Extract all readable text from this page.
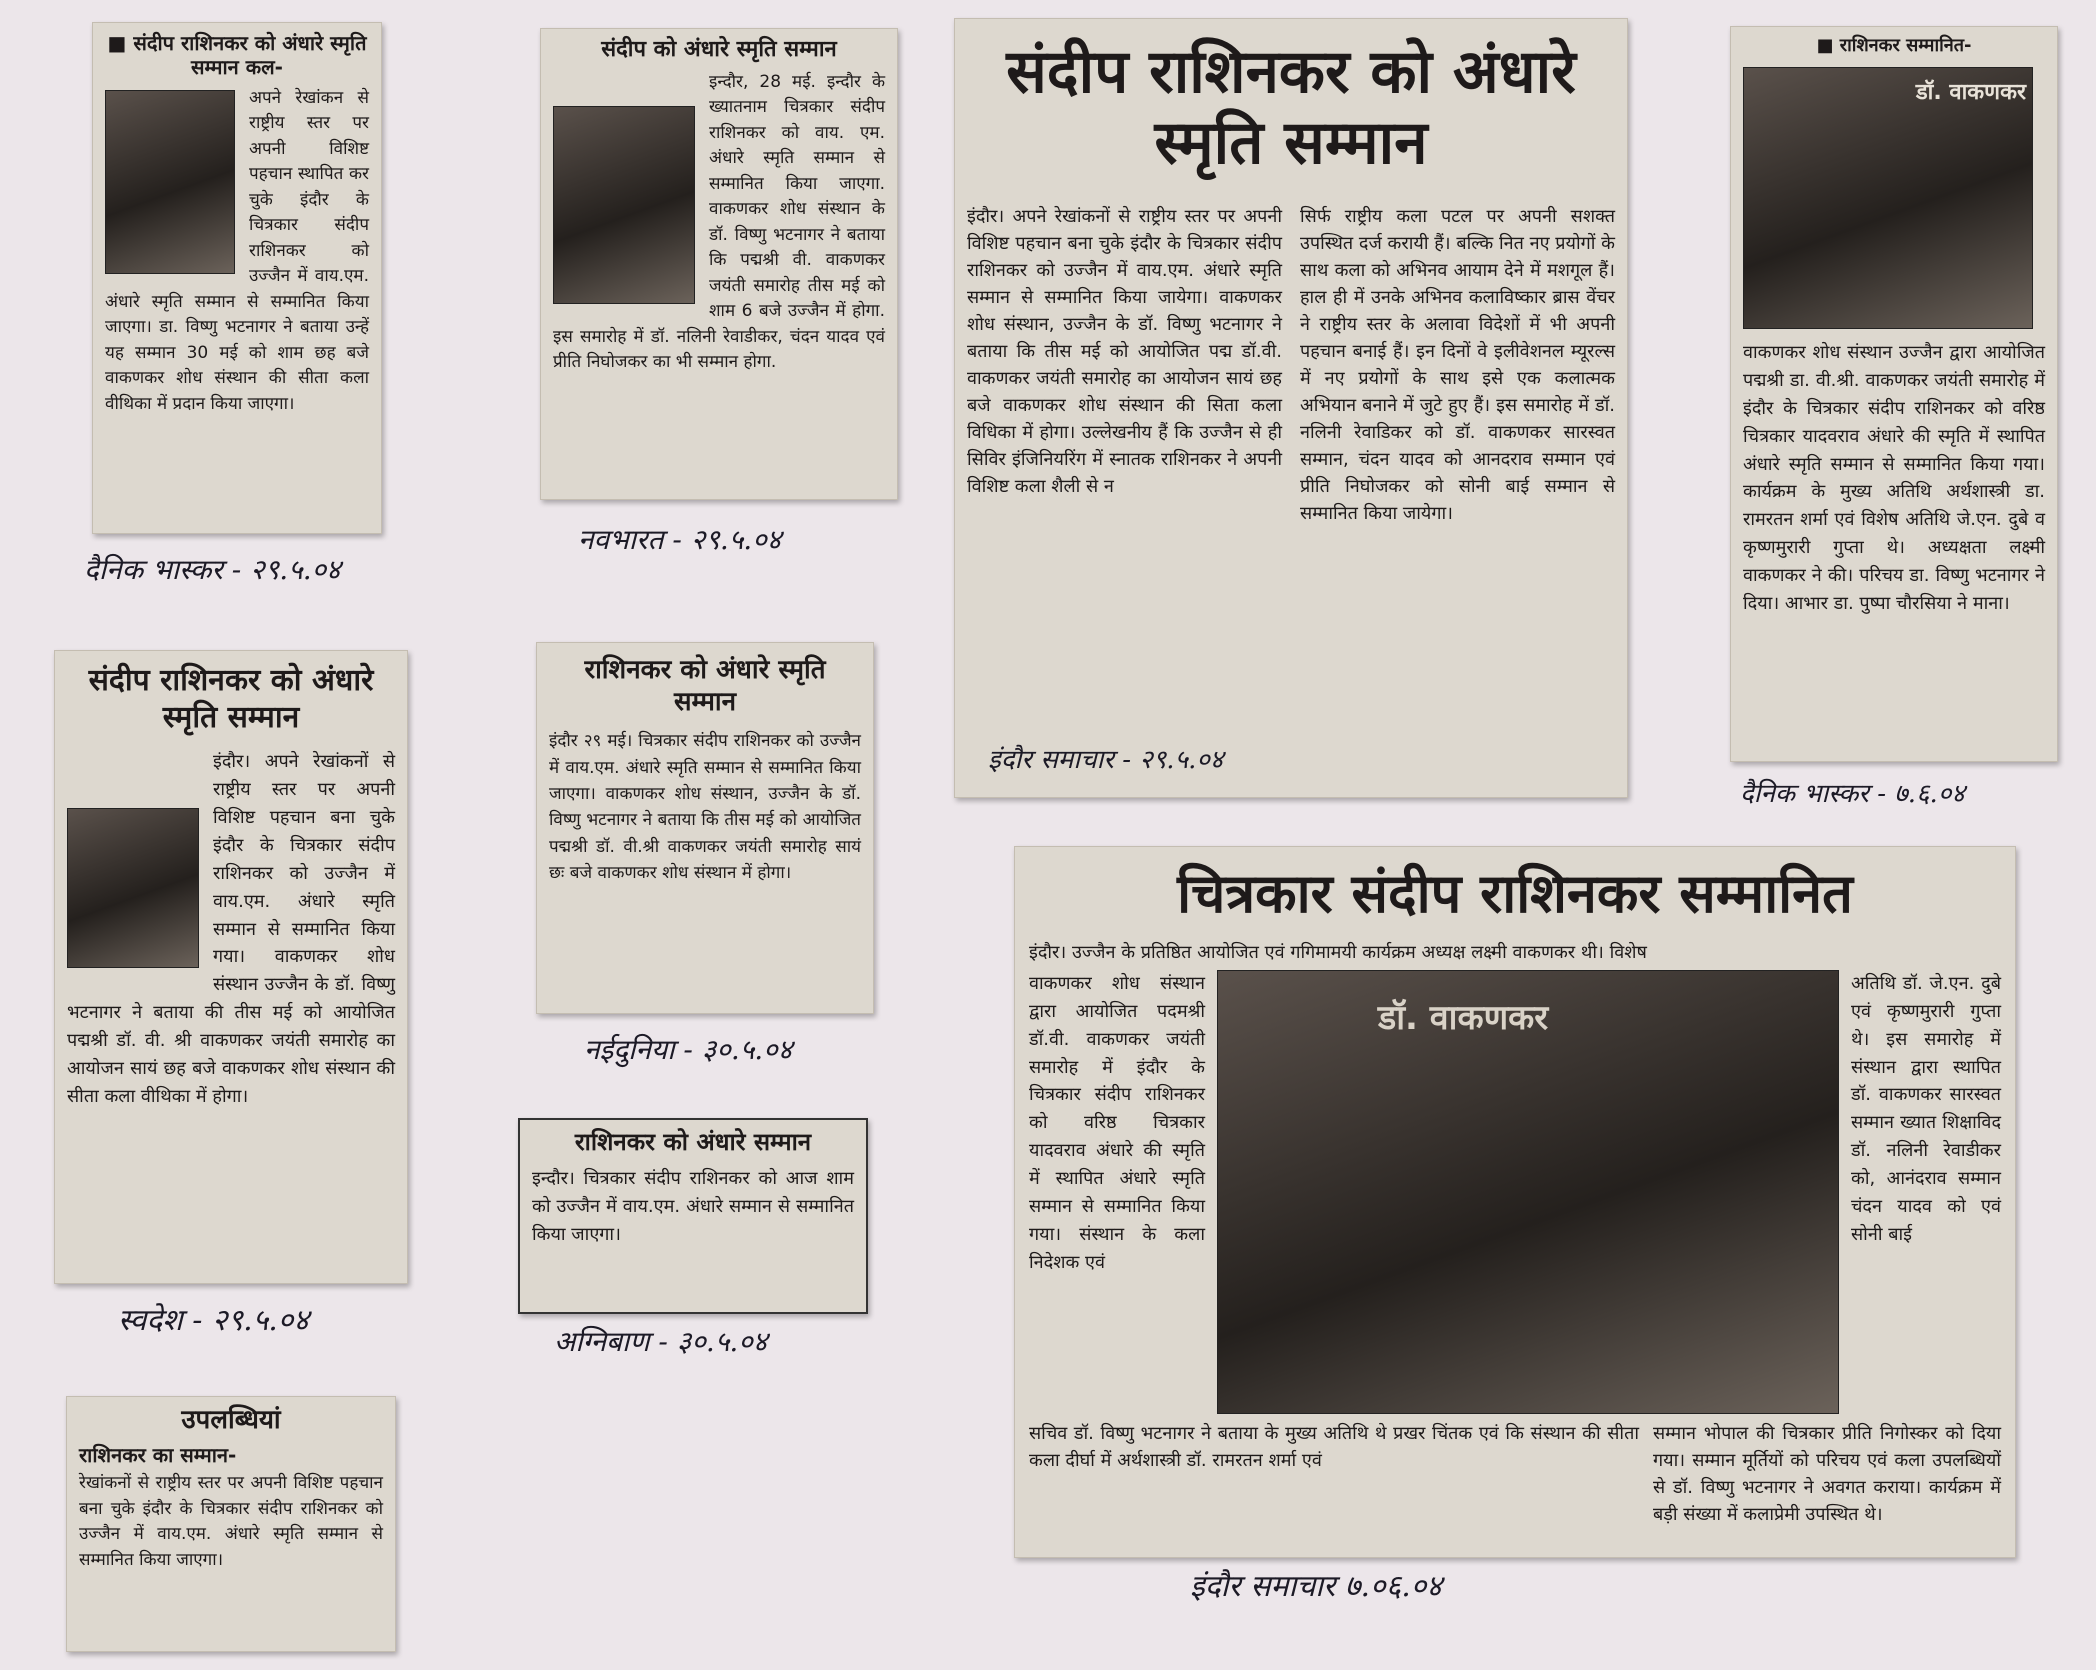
■ संदीप राशिनकर को अंधारे स्मृति सम्मान कल-
अपने रेखांकन से राष्ट्रीय स्तर पर अपनी विशिष्ट पहचान स्थापित कर चुके इंदौर के चित्रकार संदीप राशिनकर को उज्जैन में वाय.एम. अंधारे स्मृति सम्मान से सम्मानित किया जाएगा। डा. विष्णु भटनागर ने बताया उन्हें यह सम्मान 30 मई को शाम छह बजे वाकणकर शोध संस्थान की सीता कला वीथिका में प्रदान किया जाएगा।
दैनिक भास्कर - २९.५.०४
संदीप को अंधारे स्मृति सम्मान
इन्दौर, 28 मई. इन्दौर के ख्यातनाम चित्रकार संदीप राशिनकर को वाय. एम. अंधारे स्मृति सम्मान से सम्मानित किया जाएगा. वाकणकर शोध संस्थान के डॉ. विष्णु भटनागर ने बताया कि पद्मश्री वी. वाकणकर जयंती समारोह तीस मई को शाम 6 बजे उज्जैन में होगा. इस समारोह में डॉ. नलिनी रेवाडीकर, चंदन यादव एवं प्रीति निघोजकर का भी सम्मान होगा.
नवभारत - २९.५.०४
संदीप राशिनकर को अंधारे स्मृति सम्मान
इंदौर। अपने रेखांकनों से राष्ट्रीय स्तर पर अपनी विशिष्ट पहचान बना चुके इंदौर के चित्रकार संदीप राशिनकर को उज्जैन में वाय.एम. अंधारे स्मृति सम्मान से सम्मानित किया जायेगा। वाकणकर शोध संस्थान, उज्जैन के डॉ. विष्णु भटनागर ने बताया कि तीस मई को आयोजित पद्म डॉ.वी. वाकणकर जयंती समारोह का आयोजन सायं छह बजे वाकणकर शोध संस्थान की सिता कला विधिका में होगा। उल्लेखनीय हैं कि उज्जैन से ही सिविर इंजिनियरिंग में स्नातक राशिनकर ने अपनी विशिष्ट कला शैली से न
सिर्फ राष्ट्रीय कला पटल पर अपनी सशक्त उपस्थित दर्ज करायी हैं। बल्कि नित नए प्रयोगों के साथ कला को अभिनव आयाम देने में मशगूल हैं। हाल ही में उनके अभिनव कलाविष्कार ब्रास वेंचर ने राष्ट्रीय स्तर के अलावा विदेशों में भी अपनी पहचान बनाई हैं। इन दिनों वे इलीवेशनल म्यूरल्स में नए प्रयोगों के साथ इसे एक कलात्मक अभियान बनाने में जुटे हुए हैं। इस समारोह में डॉ. नलिनी रेवाडिकर को डॉ. वाकणकर सारस्वत सम्मान, चंदन यादव को आनदराव सम्मान एवं प्रीति निघोजकर को सोनी बाई सम्मान से सम्मानित किया जायेगा।
इंदौर समाचार - २९.५.०४
■ राशिनकर सम्मानित-
डॉ. वाकणकर
वाकणकर शोध संस्थान उज्जैन द्वारा आयोजित पद्मश्री डा. वी.श्री. वाकणकर जयंती समारोह में इंदौर के चित्रकार संदीप राशिनकर को वरिष्ठ चित्रकार यादवराव अंधारे की स्मृति में स्थापित अंधारे स्मृति सम्मान से सम्मानित किया गया। कार्यक्रम के मुख्य अतिथि अर्थशास्त्री डा. रामरतन शर्मा एवं विशेष अतिथि जे.एन. दुबे व कृष्णमुरारी गुप्ता थे। अध्यक्षता लक्ष्मी वाकणकर ने की। परिचय डा. विष्णु भटनागर ने दिया। आभार डा. पुष्पा चौरसिया ने माना।
दैनिक भास्कर - ७.६.०४
संदीप राशिनकर को अंधारे स्मृति सम्मान
इंदौर। अपने रेखांकनों से राष्ट्रीय स्तर पर अपनी विशिष्ट पहचान बना चुके इंदौर के चित्रकार संदीप राशिनकर को उज्जैन में वाय.एम. अंधारे स्मृति सम्मान से सम्मानित किया गया। वाकणकर शोध संस्थान उज्जैन के डॉ. विष्णु भटनागर ने बताया की तीस मई को आयोजित पद्मश्री डॉ. वी. श्री वाकणकर जयंती समारोह का आयोजन सायं छह बजे वाकणकर शोध संस्थान की सीता कला वीथिका में होगा।
स्वदेश - २९.५.०४
राशिनकर को अंधारे स्मृति सम्मान
इंदौर २९ मई। चित्रकार संदीप राशिनकर को उज्जैन में वाय.एम. अंधारे स्मृति सम्मान से सम्मानित किया जाएगा। वाकणकर शोध संस्थान, उज्जैन के डॉ. विष्णु भटनागर ने बताया कि तीस मई को आयोजित पद्मश्री डॉ. वी.श्री वाकणकर जयंती समारोह सायं छः बजे वाकणकर शोध संस्थान में होगा।
नईदुनिया - ३०.५.०४
राशिनकर को अंधारे सम्मान
इन्दौर। चित्रकार संदीप राशिनकर को आज शाम को उज्जैन में वाय.एम. अंधारे सम्मान से सम्मानित किया जाएगा।
अग्निबाण - ३०.५.०४
चित्रकार संदीप राशिनकर सम्मानित
इंदौर। उज्जैन के प्रतिष्ठित आयोजित एवं गगिमामयी कार्यक्रम अध्यक्ष लक्ष्मी वाकणकर थी। विशेष
वाकणकर शोध संस्थान द्वारा आयोजित पदमश्री डॉ.वी. वाकणकर जयंती समारोह में इंदौर के चित्रकार संदीप राशिनकर को वरिष्ठ चित्रकार यादवराव अंधारे की स्मृति में स्थापित अंधारे स्मृति सम्मान से सम्मानित किया गया। संस्थान के कला निदेशक एवं
डॉ. वाकणकर
अतिथि डॉ. जे.एन. दुबे एवं कृष्णमुरारी गुप्ता थे। इस समारोह में संस्थान द्वारा स्थापित डॉ. वाकणकर सारस्वत सम्मान ख्यात शिक्षाविद डॉ. नलिनी रेवाडीकर को, आनंदराव सम्मान चंदन यादव को एवं सोनी बाई
सचिव डॉ. विष्णु भटनागर ने बताया के मुख्य अतिथि थे प्रखर चिंतक एवं कि संस्थान की सीता कला दीर्घा में अर्थशास्त्री डॉ. रामरतन शर्मा एवं
सम्मान भोपाल की चित्रकार प्रीति निगोस्कर को दिया गया। सम्मान मूर्तियों को परिचय एवं कला उपलब्धियों से डॉ. विष्णु भटनागर ने अवगत कराया। कार्यक्रम में बड़ी संख्या में कलाप्रेमी उपस्थित थे।
इंदौर समाचार ७.०६.०४
उपलब्धियां
राशिनकर का सम्मान-
रेखांकनों से राष्ट्रीय स्तर पर अपनी विशिष्ट पहचान बना चुके इंदौर के चित्रकार संदीप राशिनकर को उज्जैन में वाय.एम. अंधारे स्मृति सम्मान से सम्मानित किया जाएगा।
